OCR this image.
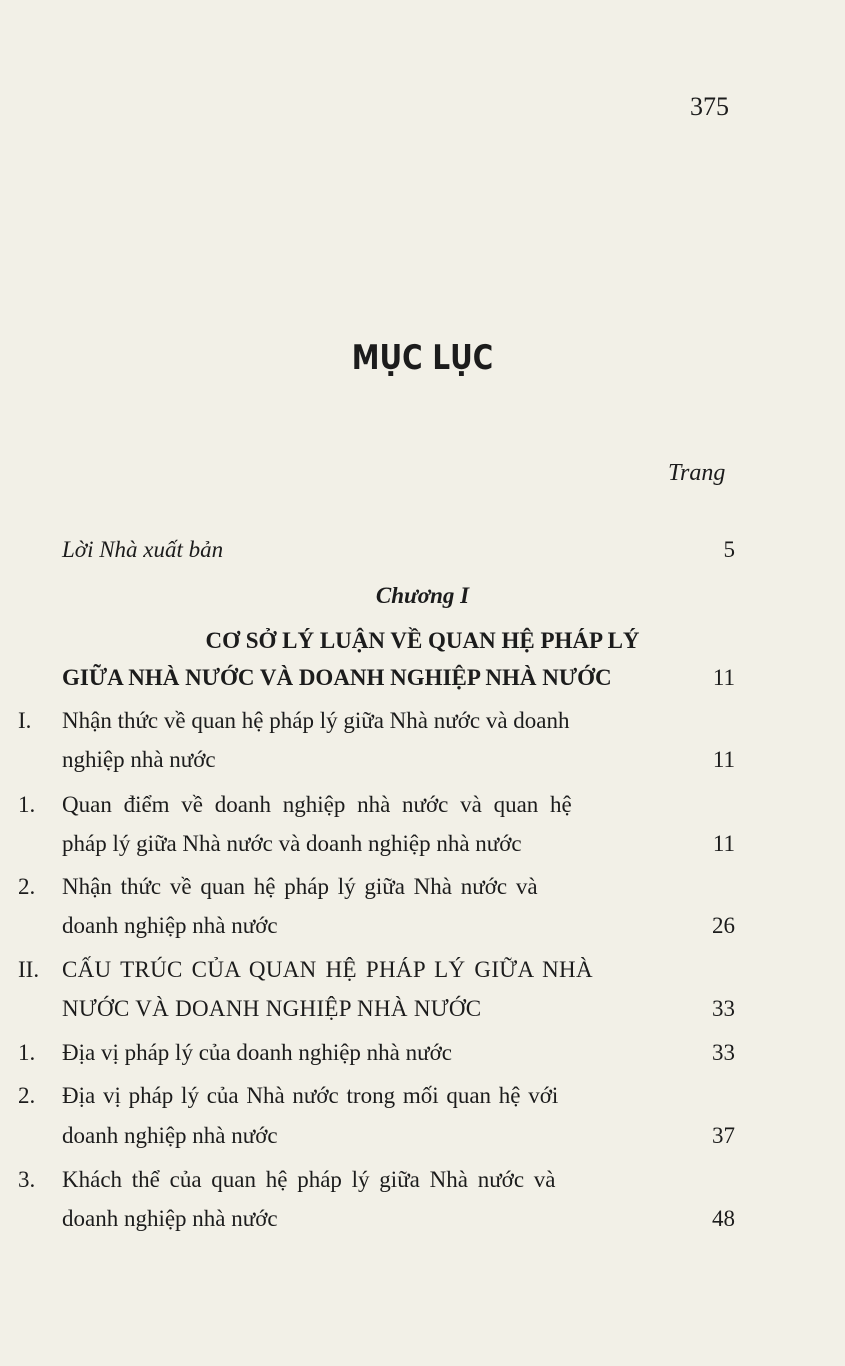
375
MỤC LỤC
Trang
Lời Nhà xuất bản	5
Chương I
CƠ SỞ LÝ LUẬN VỀ QUAN HỆ PHÁP LÝ
GIỮA NHÀ NƯỚC VÀ DOANH NGHIỆP NHÀ NƯỚC	11
I. Nhận thức về quan hệ pháp lý giữa Nhà nước và doanh
nghiệp nhà nước	11
1. Quan điểm về doanh nghiệp nhà nước và quan hệ
pháp lý giữa Nhà nước và doanh nghiệp nhà nước	11
2. Nhận thức về quan hệ pháp lý giữa Nhà nước và
doanh nghiệp nhà nước	26
II. CẤU TRÚC CỦA QUAN HỆ PHÁP LÝ GIỮA NHÀ
NƯỚC VÀ DOANH NGHIỆP NHÀ NƯỚC	33
1. Địa vị pháp lý của doanh nghiệp nhà nước	33
2. Địa vị pháp lý của Nhà nước trong mối quan hệ với
doanh nghiệp nhà nước	37
3. Khách thể của quan hệ pháp lý giữa Nhà nước và
doanh nghiệp nhà nước	48
